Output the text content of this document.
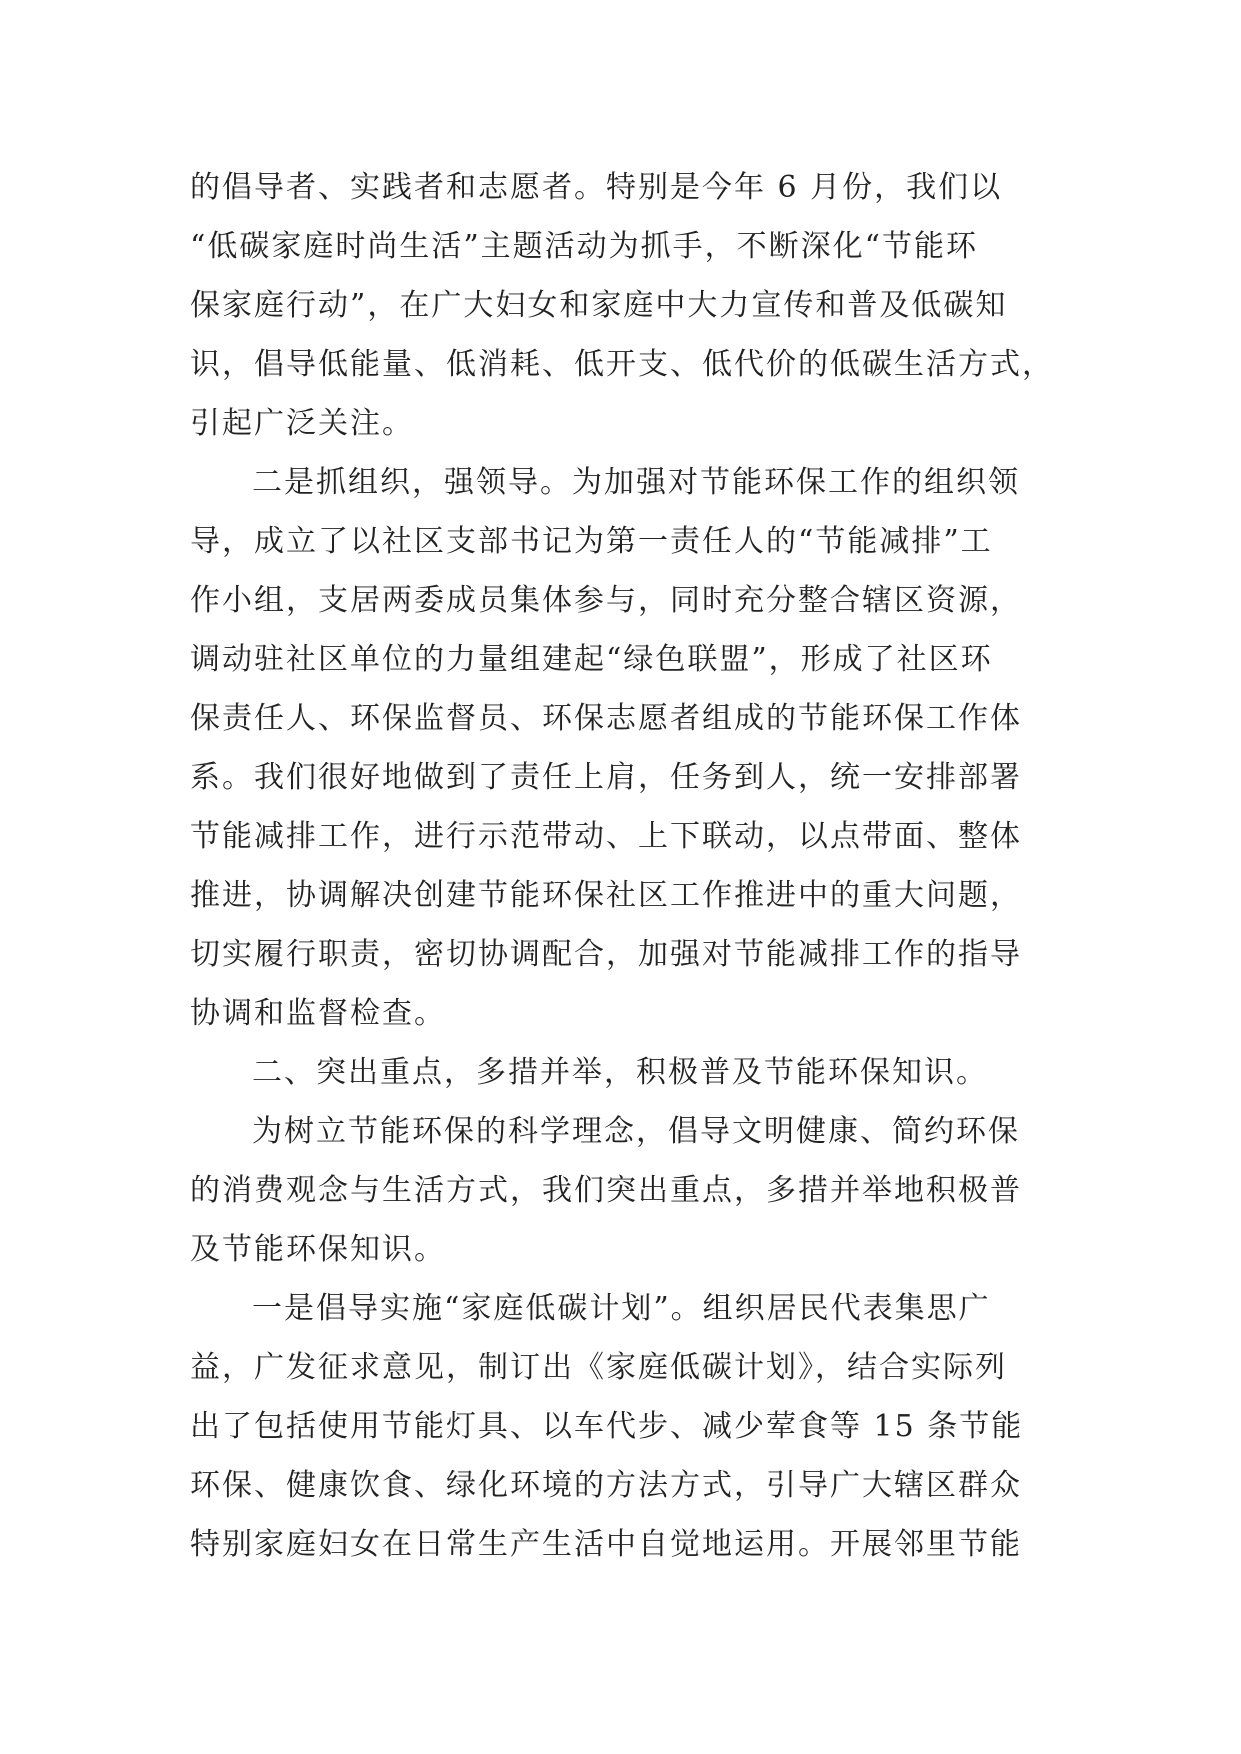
的倡导者、实践者和志愿者。特别是今年 6 月份，我们以
“低碳家庭时尚生活”主题活动为抓手，不断深化“节能环
保家庭行动”，在广大妇女和家庭中大力宣传和普及低碳知
识，倡导低能量、低消耗、低开支、低代价的低碳生活方式，
引起广泛关注。
二是抓组织，强领导。为加强对节能环保工作的组织领
导，成立了以社区支部书记为第一责任人的“节能减排”工
作小组，支居两委成员集体参与，同时充分整合辖区资源，
调动驻社区单位的力量组建起“绿色联盟”，形成了社区环
保责任人、环保监督员、环保志愿者组成的节能环保工作体
系。我们很好地做到了责任上肩，任务到人，统一安排部署
节能减排工作，进行示范带动、上下联动，以点带面、整体
推进，协调解决创建节能环保社区工作推进中的重大问题，
切实履行职责，密切协调配合，加强对节能减排工作的指导
协调和监督检查。
二、突出重点，多措并举，积极普及节能环保知识。
为树立节能环保的科学理念，倡导文明健康、简约环保
的消费观念与生活方式，我们突出重点，多措并举地积极普
及节能环保知识。
一是倡导实施“家庭低碳计划”。组织居民代表集思广
益，广发征求意见，制订出《家庭低碳计划》，结合实际列
出了包括使用节能灯具、以车代步、减少荤食等 15 条节能
环保、健康饮食、绿化环境的方法方式，引导广大辖区群众
特别家庭妇女在日常生产生活中自觉地运用。开展邻里节能
